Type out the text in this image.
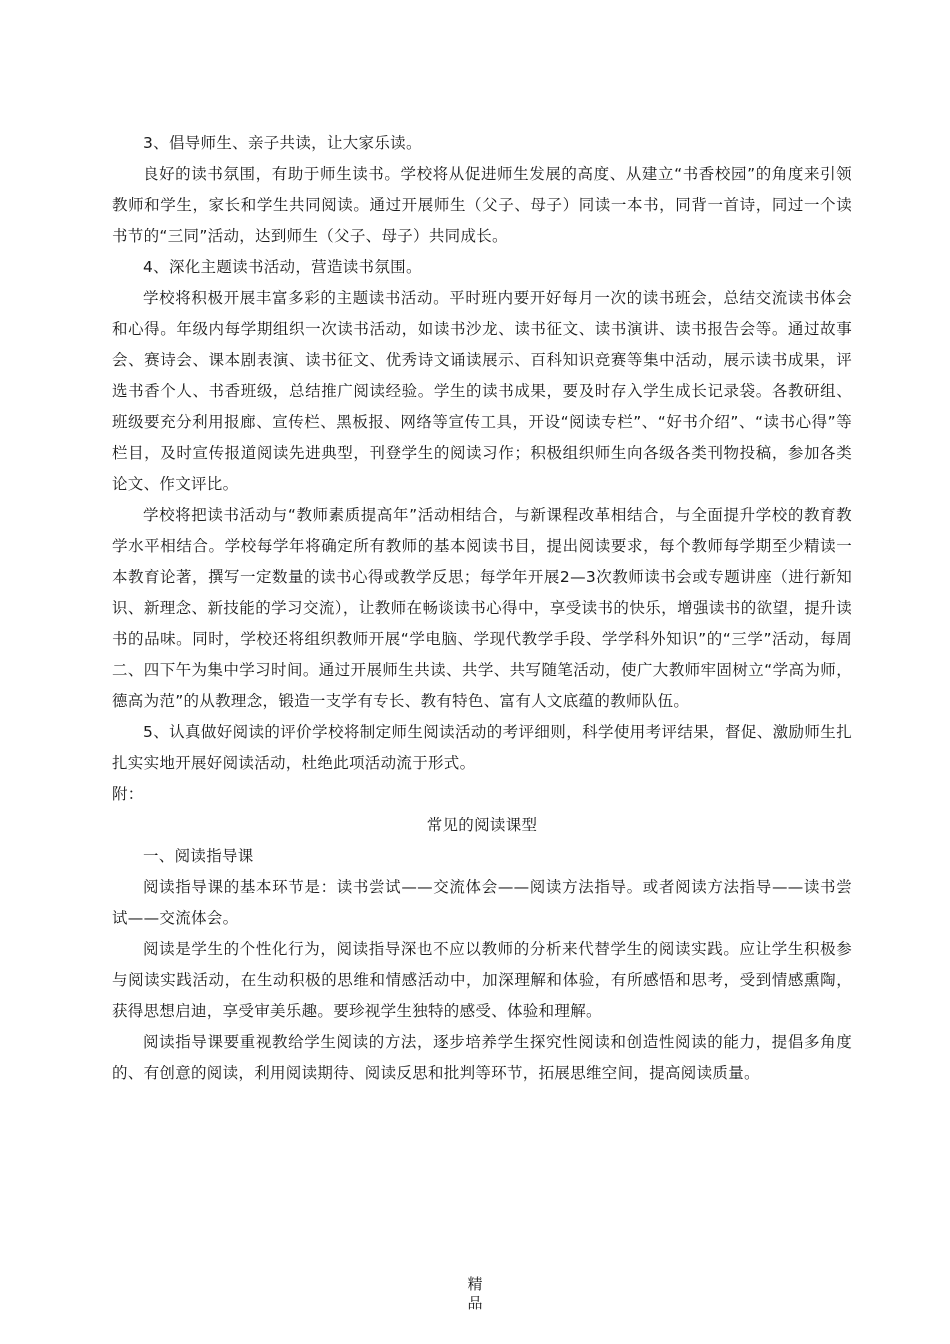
3、倡导师生、亲子共读，让大家乐读。

良好的读书氛围，有助于师生读书。学校将从促进师生发展的高度、从建立“书香校园”的角度来引领教师和学生，家长和学生共同阅读。通过开展师生（父子、母子）同读一本书，同背一首诗，同过一个读书节的“三同”活动，达到师生（父子、母子）共同成长。

4、深化主题读书活动，营造读书氛围。

学校将积极开展丰富多彩的主题读书活动。平时班内要开好每月一次的读书班会，总结交流读书体会和心得。年级内每学期组织一次读书活动，如读书沙龙、读书征文、读书演讲、读书报告会等。通过故事会、赛诗会、课本剧表演、读书征文、优秀诗文诵读展示、百科知识竞赛等集中活动，展示读书成果，评选书香个人、书香班级，总结推广阅读经验。学生的读书成果，要及时存入学生成长记录袋。各教研组、班级要充分利用报廊、宣传栏、黑板报、网络等宣传工具，开设“阅读专栏”、“好书介绍”、“读书心得”等栏目，及时宣传报道阅读先进典型，刊登学生的阅读习作；积极组织师生向各级各类刊物投稿，参加各类论文、作文评比。

学校将把读书活动与“教师素质提高年”活动相结合，与新课程改革相结合，与全面提升学校的教育教学水平相结合。学校每学年将确定所有教师的基本阅读书目，提出阅读要求，每个教师每学期至少精读一本教育论著，撰写一定数量的读书心得或教学反思；每学年开展2—3次教师读书会或专题讲座（进行新知识、新理念、新技能的学习交流），让教师在畅谈读书心得中，享受读书的快乐，增强读书的欲望，提升读书的品味。同时，学校还将组织教师开展“学电脑、学现代教学手段、学学科外知识”的“三学”活动，每周二、四下午为集中学习时间。通过开展师生共读、共学、共写随笔活动，使广大教师牢固树立“学高为师，德高为范”的从教理念，锻造一支学有专长、教有特色、富有人文底蕴的教师队伍。

5、认真做好阅读的评价学校将制定师生阅读活动的考评细则，科学使用考评结果，督促、激励师生扎扎实实地开展好阅读活动，杜绝此项活动流于形式。

附：

常见的阅读课型

一、阅读指导课

阅读指导课的基本环节是：读书尝试——交流体会——阅读方法指导。或者阅读方法指导——读书尝试——交流体会。

阅读是学生的个性化行为，阅读指导深也不应以教师的分析来代替学生的阅读实践。应让学生积极参与阅读实践活动，在生动积极的思维和情感活动中，加深理解和体验，有所感悟和思考，受到情感熏陶，获得思想启迪，享受审美乐趣。要珍视学生独特的感受、体验和理解。

阅读指导课要重视教给学生阅读的方法，逐步培养学生探究性阅读和创造性阅读的能力，提倡多角度的、有创意的阅读，利用阅读期待、阅读反思和批判等环节，拓展思维空间，提高阅读质量。

精
品
